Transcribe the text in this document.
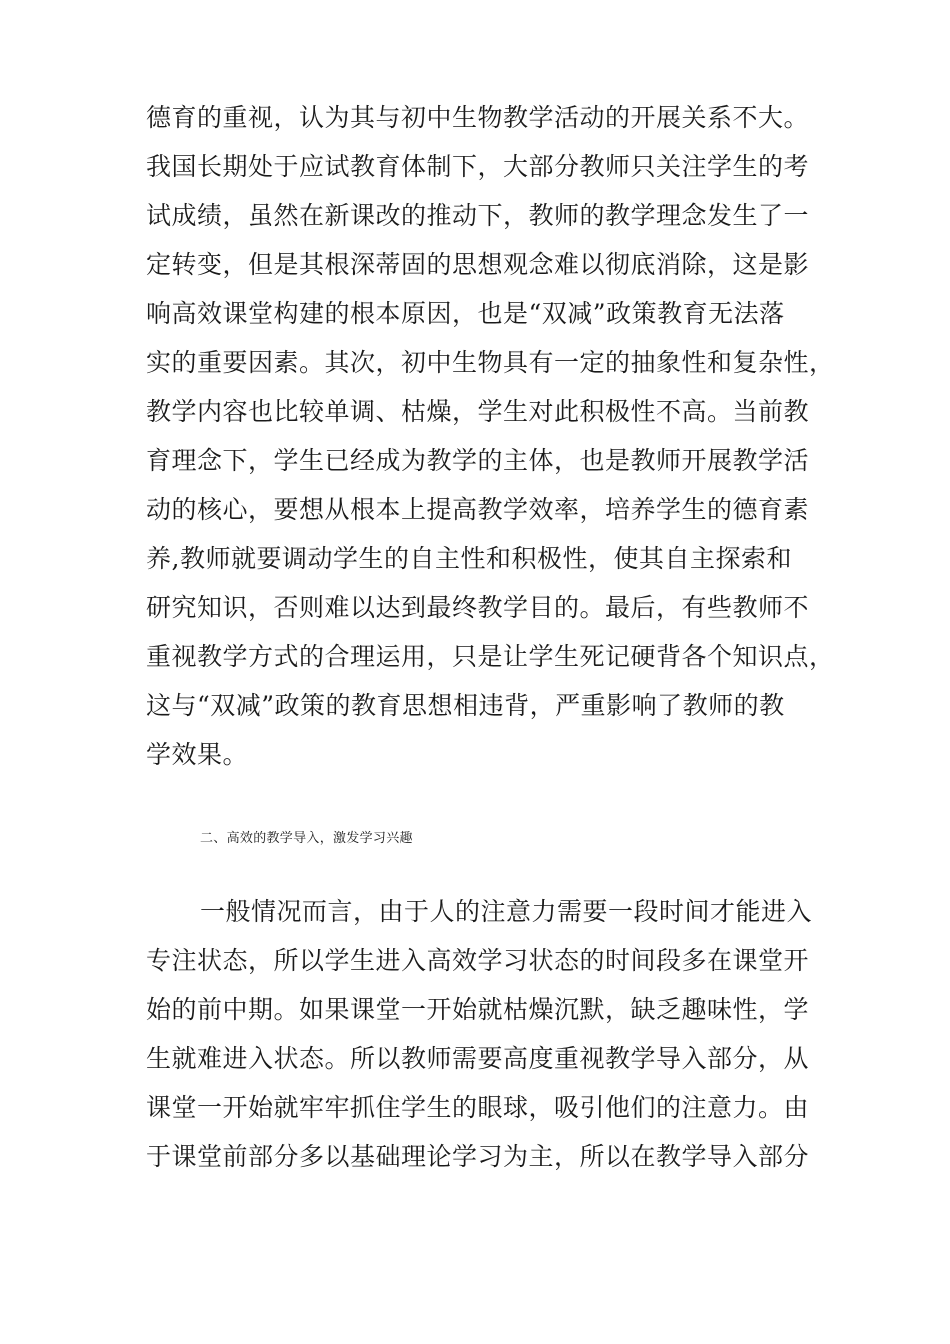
德育的重视，认为其与初中生物教学活动的开展关系不大。
我国长期处于应试教育体制下，大部分教师只关注学生的考
试成绩，虽然在新课改的推动下，教师的教学理念发生了一
定转变，但是其根深蒂固的思想观念难以彻底消除，这是影
响高效课堂构建的根本原因，也是“双减”政策教育无法落
实的重要因素。其次，初中生物具有一定的抽象性和复杂性，
教学内容也比较单调、枯燥，学生对此积极性不高。当前教
育理念下，学生已经成为教学的主体，也是教师开展教学活
动的核心，要想从根本上提高教学效率，培养学生的德育素
养,教师就要调动学生的自主性和积极性，使其自主探索和
研究知识，否则难以达到最终教学目的。最后，有些教师不
重视教学方式的合理运用，只是让学生死记硬背各个知识点，
这与“双减”政策的教育思想相违背，严重影响了教师的教
学效果。
二、高效的教学导入，激发学习兴趣
一般情况而言，由于人的注意力需要一段时间才能进入
专注状态，所以学生进入高效学习状态的时间段多在课堂开
始的前中期。如果课堂一开始就枯燥沉默，缺乏趣味性，学
生就难进入状态。所以教师需要高度重视教学导入部分，从
课堂一开始就牢牢抓住学生的眼球，吸引他们的注意力。由
于课堂前部分多以基础理论学习为主，所以在教学导入部分
